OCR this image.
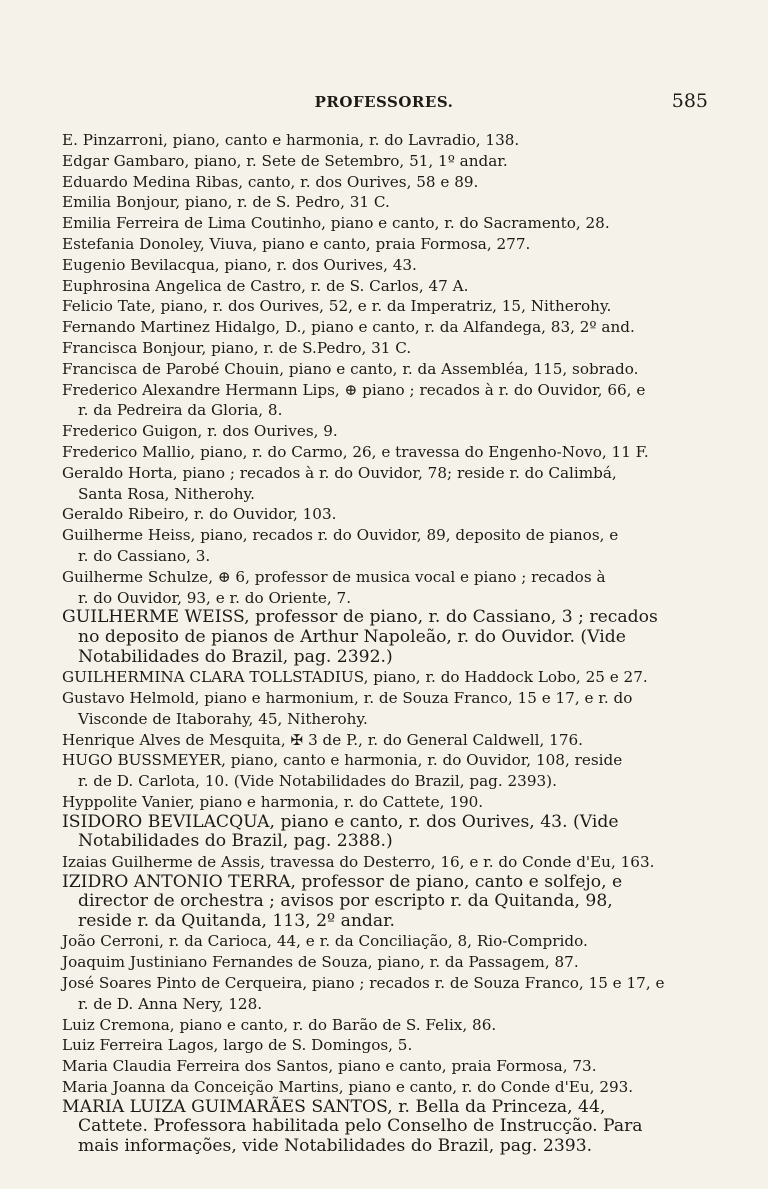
PROFESSORES.	585
E. Pinzarroni, piano, canto e harmonia, r. do Lavradio, 138.
Edgar Gambaro, piano, r. Sete de Setembro, 51, 1º andar.
Eduardo Medina Ribas, canto, r. dos Ourives, 58 e 89.
Emilia Bonjour, piano, r. de S. Pedro, 31 C.
Emilia Ferreira de Lima Coutinho, piano e canto, r. do Sacramento, 28.
Estefania Donoley, Viuva, piano e canto, praia Formosa, 277.
Eugenio Bevilacqua, piano, r. dos Ourives, 43.
Euphrosina Angelica de Castro, r. de S. Carlos, 47 A.
Felicio Tate, piano, r. dos Ourives, 52, e r. da Imperatriz, 15, Nitherohy.
Fernando Martinez Hidalgo, D., piano e canto, r. da Alfandega, 83, 2º and.
Francisca Bonjour, piano, r. de S.Pedro, 31 C.
Francisca de Parobé Chouin, piano e canto, r. da Assembléa, 115, sobrado.
Frederico Alexandre Hermann Lips, ⊕ piano ; recados à r. do Ouvidor, 66, e

r. da Pedreira da Gloria, 8.
Frederico Guigon, r. dos Ourives, 9.
Frederico Mallio, piano, r. do Carmo, 26, e travessa do Engenho-Novo, 11 F.
Geraldo Horta, piano ; recados à r. do Ouvidor, 78; reside r. do Calimbá,

Santa Rosa, Nitherohy.
Geraldo Ribeiro, r. do Ouvidor, 103.
Guilherme Heiss, piano, recados r. do Ouvidor, 89, deposito de pianos, e

r. do Cassiano, 3.
Guilherme Schulze, ⊕ 6, professor de musica vocal e piano ; recados à

r. do Ouvidor, 93, e r. do Oriente, 7.
GUILHERME WEISS, professor de piano, r. do Cassiano, 3 ; recados

no deposito de pianos de Arthur Napoleão, r. do Ouvidor. (Vide
Notabilidades do Brazil, pag. 2392.)
GUILHERMINA CLARA TOLLSTADIUS, piano, r. do Haddock Lobo, 25 e 27.
Gustavo Helmold, piano e harmonium, r. de Souza Franco, 15 e 17, e r. do

Visconde de Itaborahy, 45, Nitherohy.
Henrique Alves de Mesquita, ✠ 3 de P., r. do General Caldwell, 176.
HUGO BUSSMEYER, piano, canto e harmonia, r. do Ouvidor, 108, reside

r. de D. Carlota, 10. (Vide Notabilidades do Brazil, pag. 2393).
Hyppolite Vanier, piano e harmonia, r. do Cattete, 190.
ISIDORO BEVILACQUA, piano e canto, r. dos Ourives, 43. (Vide

Notabilidades do Brazil, pag. 2388.)
Izaias Guilherme de Assis, travessa do Desterro, 16, e r. do Conde d'Eu, 163.
IZIDRO ANTONIO TERRA, professor de piano, canto e solfejo, e

director de orchestra ; avisos por escripto r. da Quitanda, 98,
reside r. da Quitanda, 113, 2º andar.
João Cerroni, r. da Carioca, 44, e r. da Conciliação, 8, Rio-Comprido.
Joaquim Justiniano Fernandes de Souza, piano, r. da Passagem, 87.
José Soares Pinto de Cerqueira, piano ; recados r. de Souza Franco, 15 e 17, e

r. de D. Anna Nery, 128.
Luiz Cremona, piano e canto, r. do Barão de S. Felix, 86.
Luiz Ferreira Lagos, largo de S. Domingos, 5.
Maria Claudia Ferreira dos Santos, piano e canto, praia Formosa, 73.
Maria Joanna da Conceição Martins, piano e canto, r. do Conde d'Eu, 293.
MARIA LUIZA GUIMARÃES SANTOS, r. Bella da Princeza, 44,

Cattete. Professora habilitada pelo Conselho de Instrucção. Para
mais informações, vide Notabilidades do Brazil, pag. 2393.
